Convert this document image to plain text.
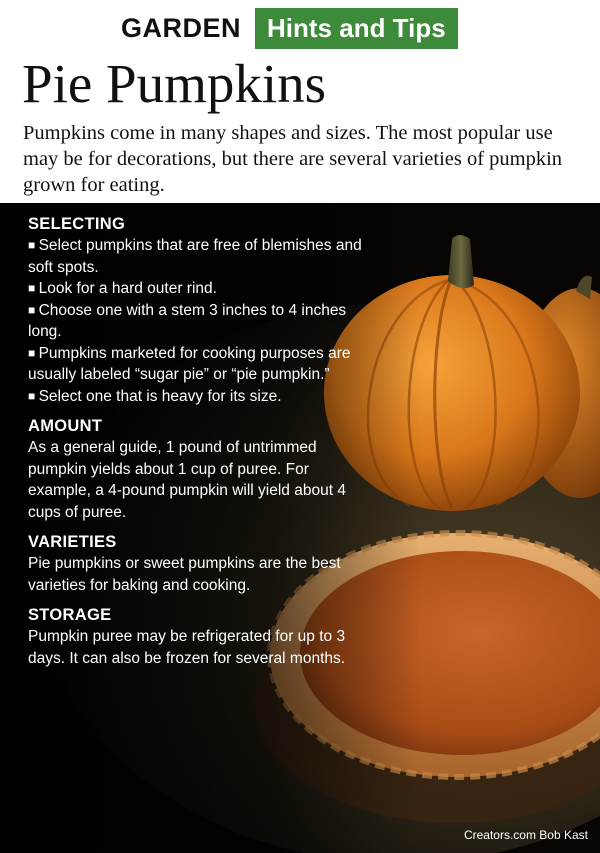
GARDEN	Hints and Tips
Pie Pumpkins
Pumpkins come in many shapes and sizes. The most popular use may be for decorations, but there are several varieties of pumpkin grown for eating.

SELECTING

■ Select pumpkins that are free of blemishes and soft spots.

■ Look for a hard outer rind.

■ Choose one with a stem 3 inches to 4 inches long.

■ Pumpkins marketed for cooking purposes are usually labeled “sugar pie” or “pie pumpkin.”

■ Select one that is heavy for its size.

AMOUNT

As a general guide, 1 pound of untrimmed pumpkin yields about 1 cup of puree. For example, a 4-pound pumpkin will yield about 4 cups of puree.

VARIETIES

Pie pumpkins or sweet pumpkins are the best varieties for baking and cooking.

STORAGE

Pumpkin puree may be refrigerated for up to 3 days. It can also be frozen for several months.

Creators.com Bob Kast
